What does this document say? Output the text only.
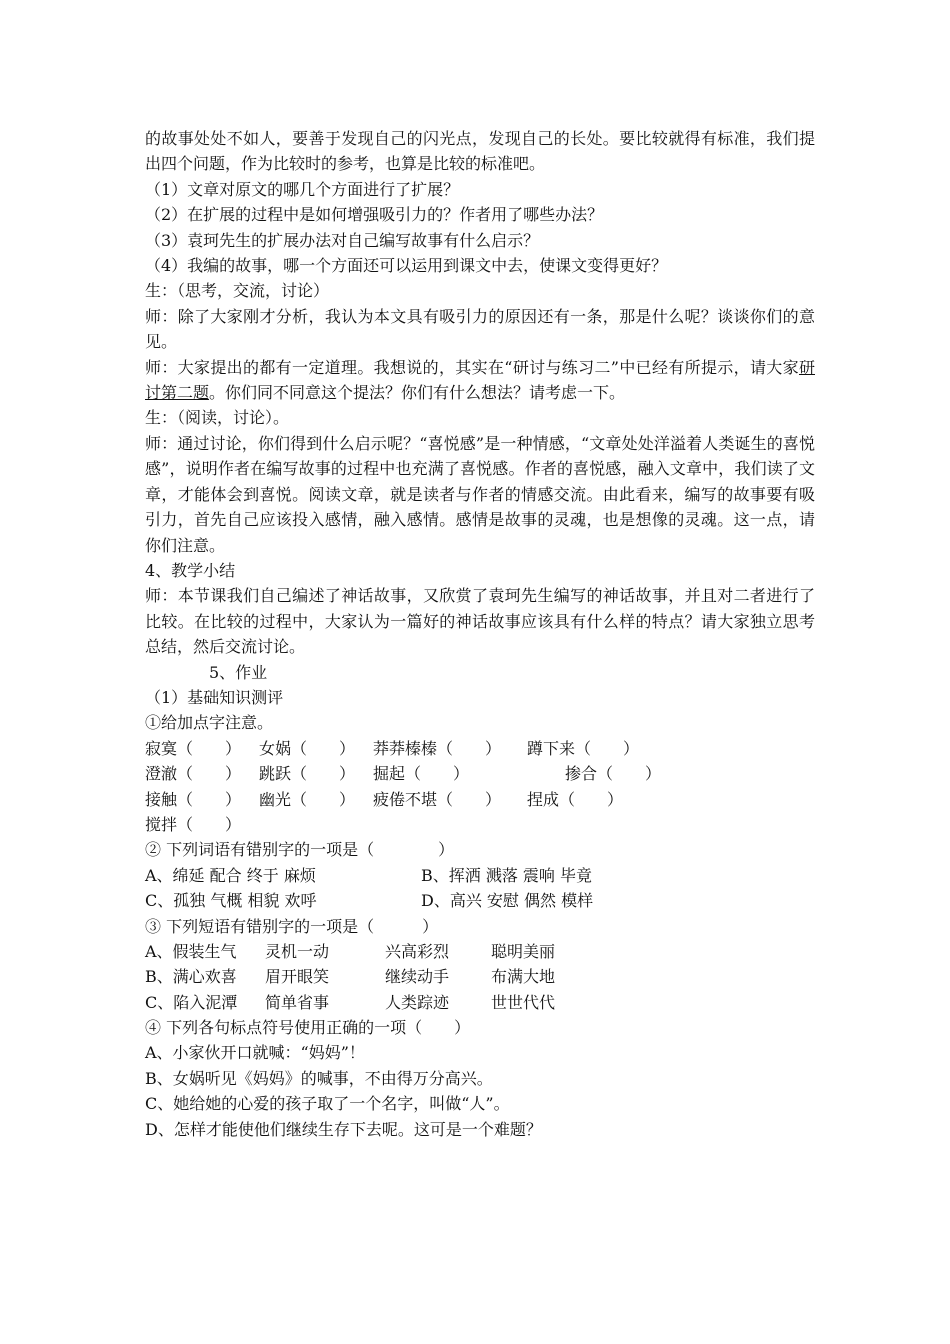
的故事处处不如人，要善于发现自己的闪光点，发现自己的长处。要比较就得有标准，我们提出四个问题，作为比较时的参考，也算是比较的标准吧。

（1）文章对原文的哪几个方面进行了扩展？

（2）在扩展的过程中是如何增强吸引力的？作者用了哪些办法？

（3）袁珂先生的扩展办法对自己编写故事有什么启示？

（4）我编的故事，哪一个方面还可以运用到课文中去，使课文变得更好？

生：（思考，交流，讨论）

师：除了大家刚才分析，我认为本文具有吸引力的原因还有一条，那是什么呢？谈谈你们的意见。

师：大家提出的都有一定道理。我想说的，其实在“研讨与练习二”中已经有所提示，请大家研讨第二题。你们同不同意这个提法？你们有什么想法？请考虑一下。

生：（阅读，讨论）。

师：通过讨论，你们得到什么启示呢？“喜悦感”是一种情感，“文章处处洋溢着人类诞生的喜悦感”，说明作者在编写故事的过程中也充满了喜悦感。作者的喜悦感，融入文章中，我们读了文章，才能体会到喜悦。阅读文章，就是读者与作者的情感交流。由此看来，编写的故事要有吸引力，首先自己应该投入感情，融入感情。感情是故事的灵魂，也是想像的灵魂。这一点，请你们注意。

4、教学小结

师：本节课我们自己编述了神话故事，又欣赏了袁珂先生编写的神话故事，并且对二者进行了比较。在比较的过程中，大家认为一篇好的神话故事应该具有什么样的特点？请大家独立思考总结，然后交流讨论。

5、作业

（1）基础知识测评

①给加点字注意。

寂寞（　　） 女娲（　　） 莽莽榛榛（　　） 蹲下来（　　）
澄澈（　　） 跳跃（　　） 掘起（　　）	掺合（　　）
接触（　　） 幽光（　　） 疲倦不堪（　　） 捏成（　　）
搅拌（　　）

② 下列词语有错别字的一项是（　　　　）

A、绵延 配合 终于 麻烦	B、挥洒 溅落 震响 毕竟
C、孤独 气概 相貌 欢呼	D、高兴 安慰 偶然 模样

③ 下列短语有错别字的一项是（　　　）

A、假装生气 灵机一动	兴高彩烈	聪明美丽
B、满心欢喜 眉开眼笑	继续动手	布满大地
C、陷入泥潭 简单省事	人类踪迹	世世代代

④ 下列各句标点符号使用正确的一项（　　）

A、小家伙开口就喊：“妈妈”！

B、女娲听见《妈妈》的喊事，不由得万分高兴。

C、她给她的心爱的孩子取了一个名字，叫做“人”。

D、怎样才能使他们继续生存下去呢。这可是一个难题？
